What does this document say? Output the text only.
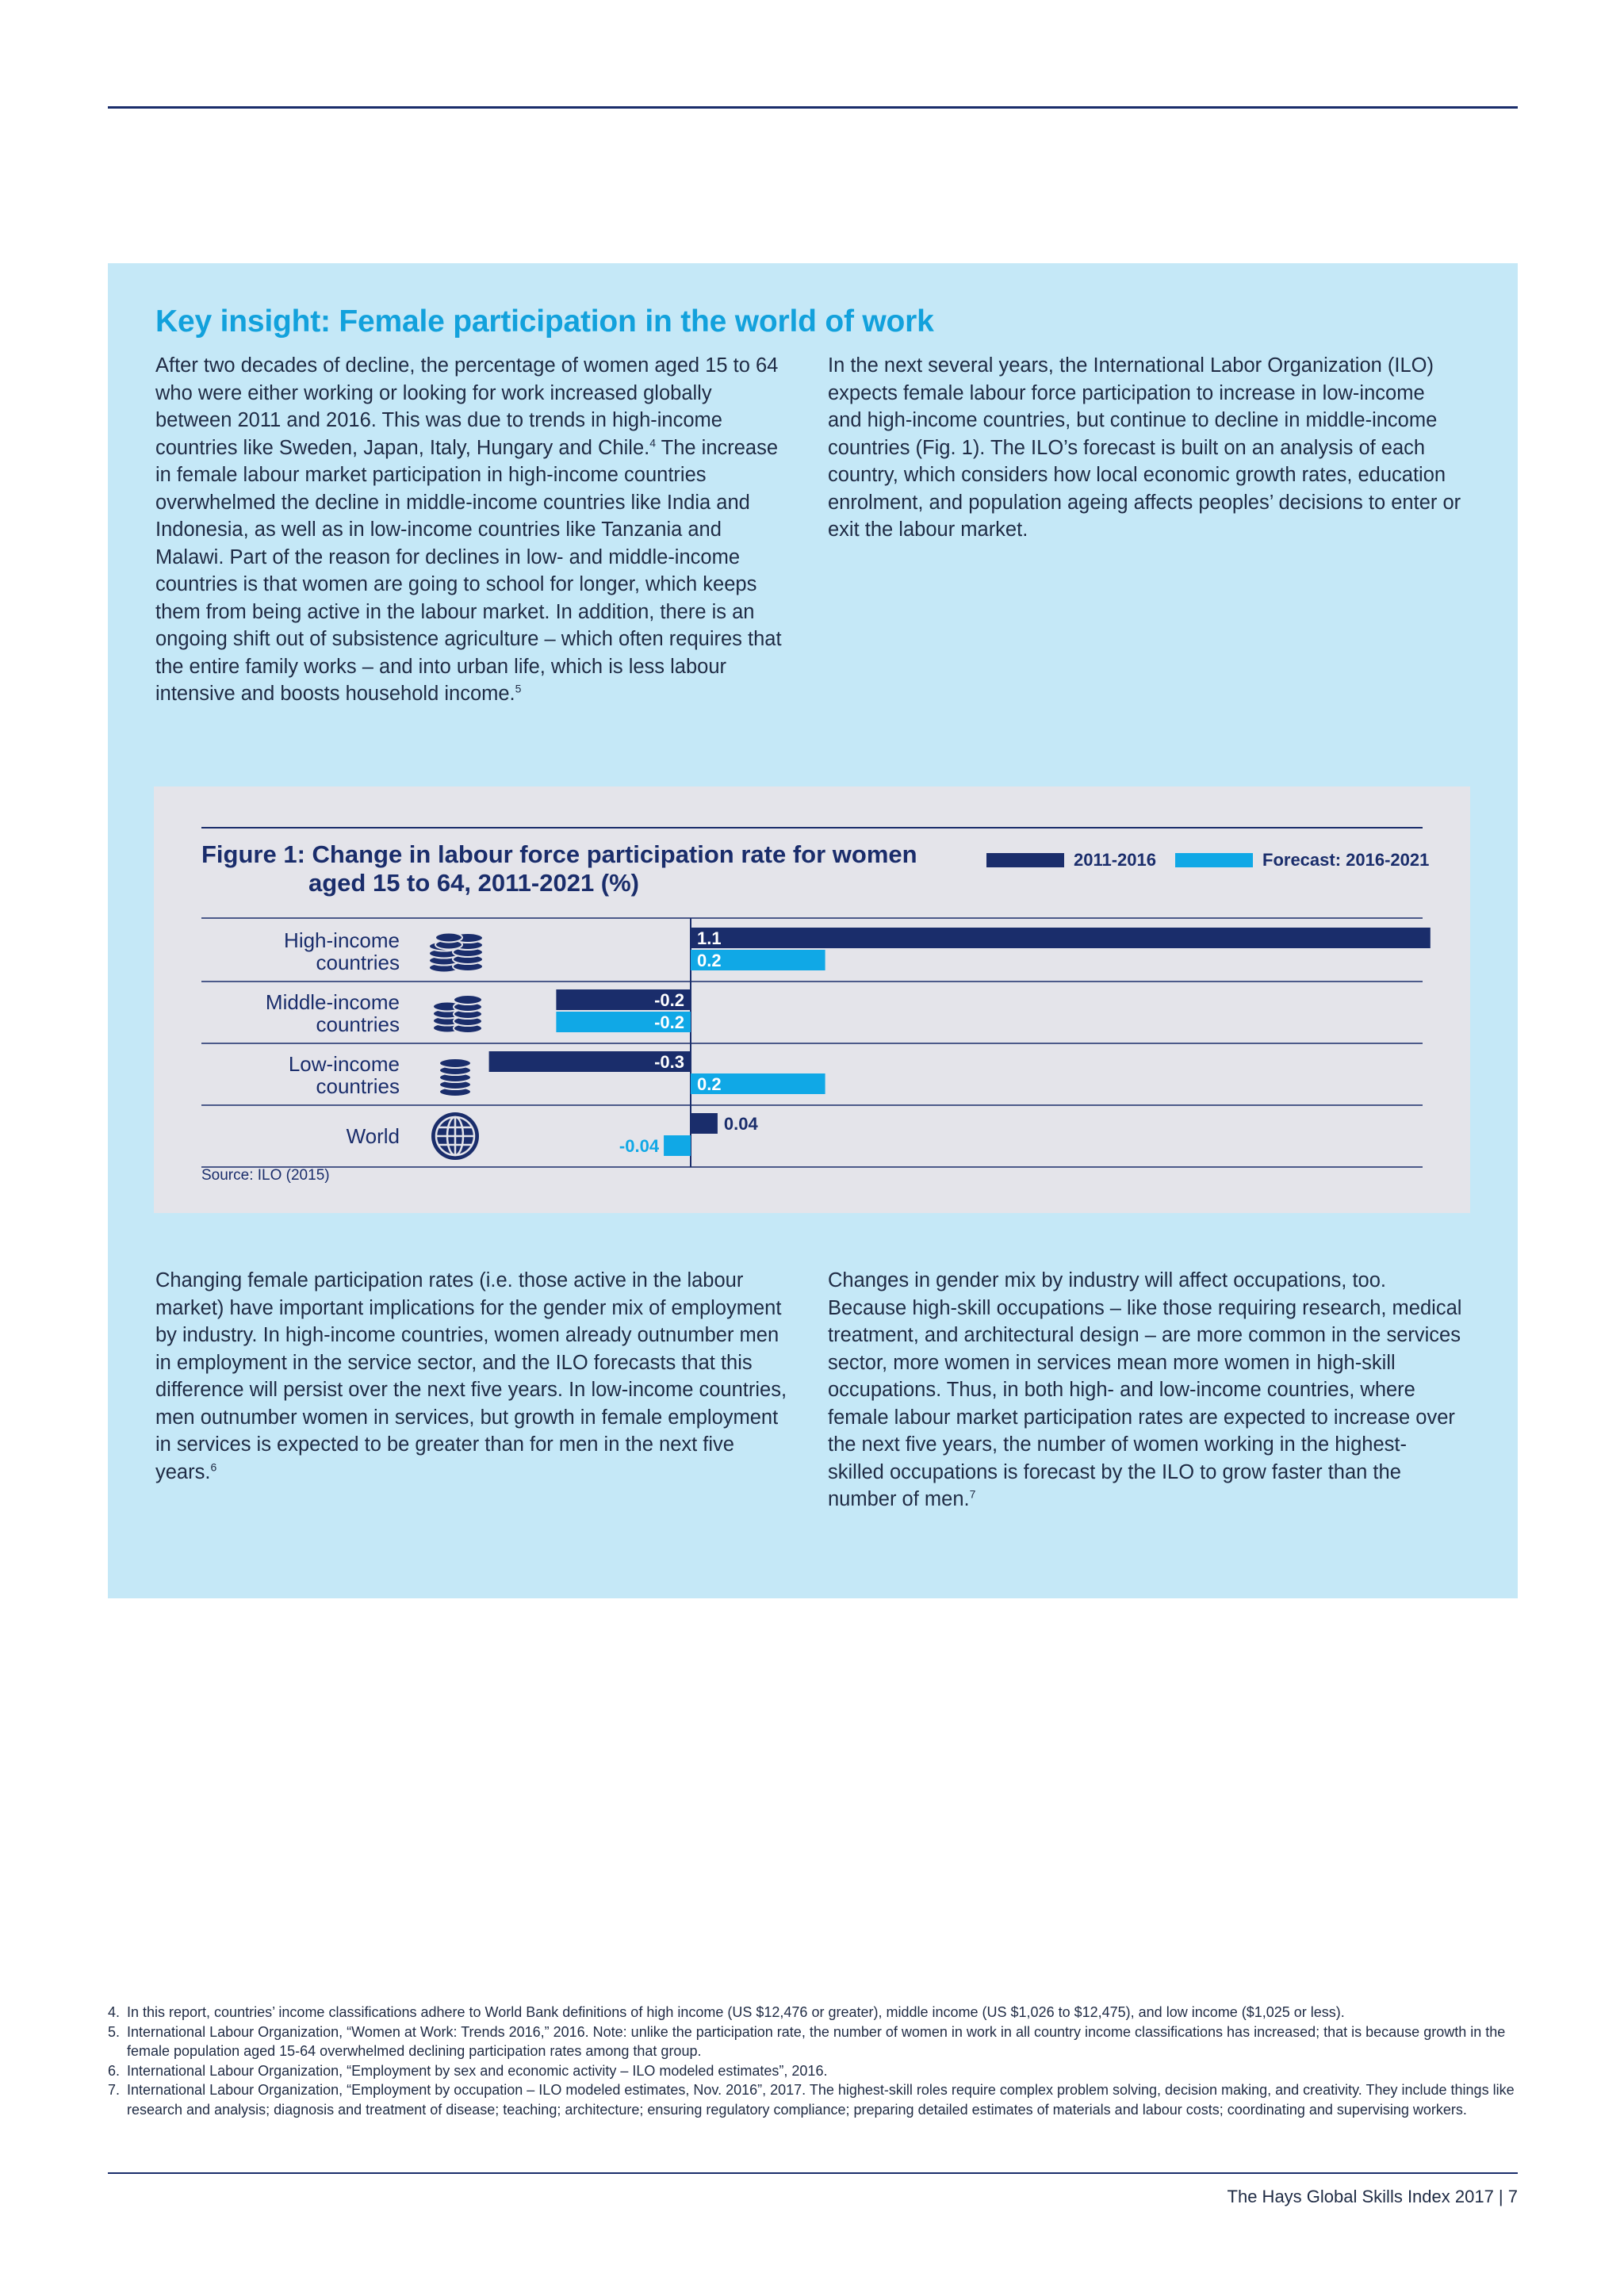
Key insight: Female participation in the world of work

After two decades of decline, the percentage of women aged 15 to 64 who were either working or looking for work increased globally between 2011 and 2016. This was due to trends in high-income countries like Sweden, Japan, Italy, Hungary and Chile.$^4$ The increase in female labour market participation in high-income countries overwhelmed the decline in middle-income countries like India and Indonesia, as well as in low-income countries like Tanzania and Malawi. Part of the reason for declines in low- and middle-income countries is that women are going to school for longer, which keeps them from being active in the labour market. In addition, there is an ongoing shift out of subsistence agriculture – which often requires that the entire family works – and into urban life, which is less labour intensive and boosts household income.$^5$

In the next several years, the International Labor Organization (ILO) expects female labour force participation to increase in low-income and high-income countries, but continue to decline in middle-income countries (Fig. 1). The ILO’s forecast is built on an analysis of each country, which considers how local economic growth rates, education enrolment, and population ageing affects peoples’ decisions to enter or exit the labour market.

High-income
countries
Middle-income
countries
Low-income
countries
World
1.1
-0.2
-0.3
0.04
0.2
-0.2
0.2
-0.04
Figure 1: Change in labour force participation rate for women
aged 15 to 64, 2011-2021 (%)
2011-2016	Forecast: 2016-2021
Source: ILO (2015)

Changing female participation rates (i.e. those active in the labour market) have important implications for the gender mix of employment by industry. In high-income countries, women already outnumber men in employment in the service sector, and the ILO forecasts that this difference will persist over the next five years. In low-income countries, men outnumber women in services, but growth in female employment in services is expected to be greater than for men in the next five years.$^6$

Changes in gender mix by industry will affect occupations, too. Because high-skill occupations – like those requiring research, medical treatment, and architectural design – are more common in the services sector, more women in services mean more women in high-skill occupations. Thus, in both high- and low-income countries, where female labour market participation rates are expected to increase over the next five years, the number of women working in the highest-skilled occupations is forecast by the ILO to grow faster than the number of men.$^7$

4. In this report, countries’ income classifications adhere to World Bank definitions of high income (US $12,476 or greater), middle income (US $1,026 to $12,475), and low income ($1,025 or less).
5. International Labour Organization, “Women at Work: Trends 2016,” 2016. Note: unlike the participation rate, the number of women in work in all country income classifications has increased; that is because growth in the female population aged 15-64 overwhelmed declining participation rates among that group.
6. International Labour Organization, “Employment by sex and economic activity – ILO modeled estimates”, 2016.
7. International Labour Organization, “Employment by occupation – ILO modeled estimates, Nov. 2016”, 2017. The highest-skill roles require complex problem solving, decision making, and creativity. They include things like research and analysis; diagnosis and treatment of disease; teaching; architecture; ensuring regulatory compliance; preparing detailed estimates of materials and labour costs; coordinating and supervising workers.
The Hays Global Skills Index 2017 | 7
